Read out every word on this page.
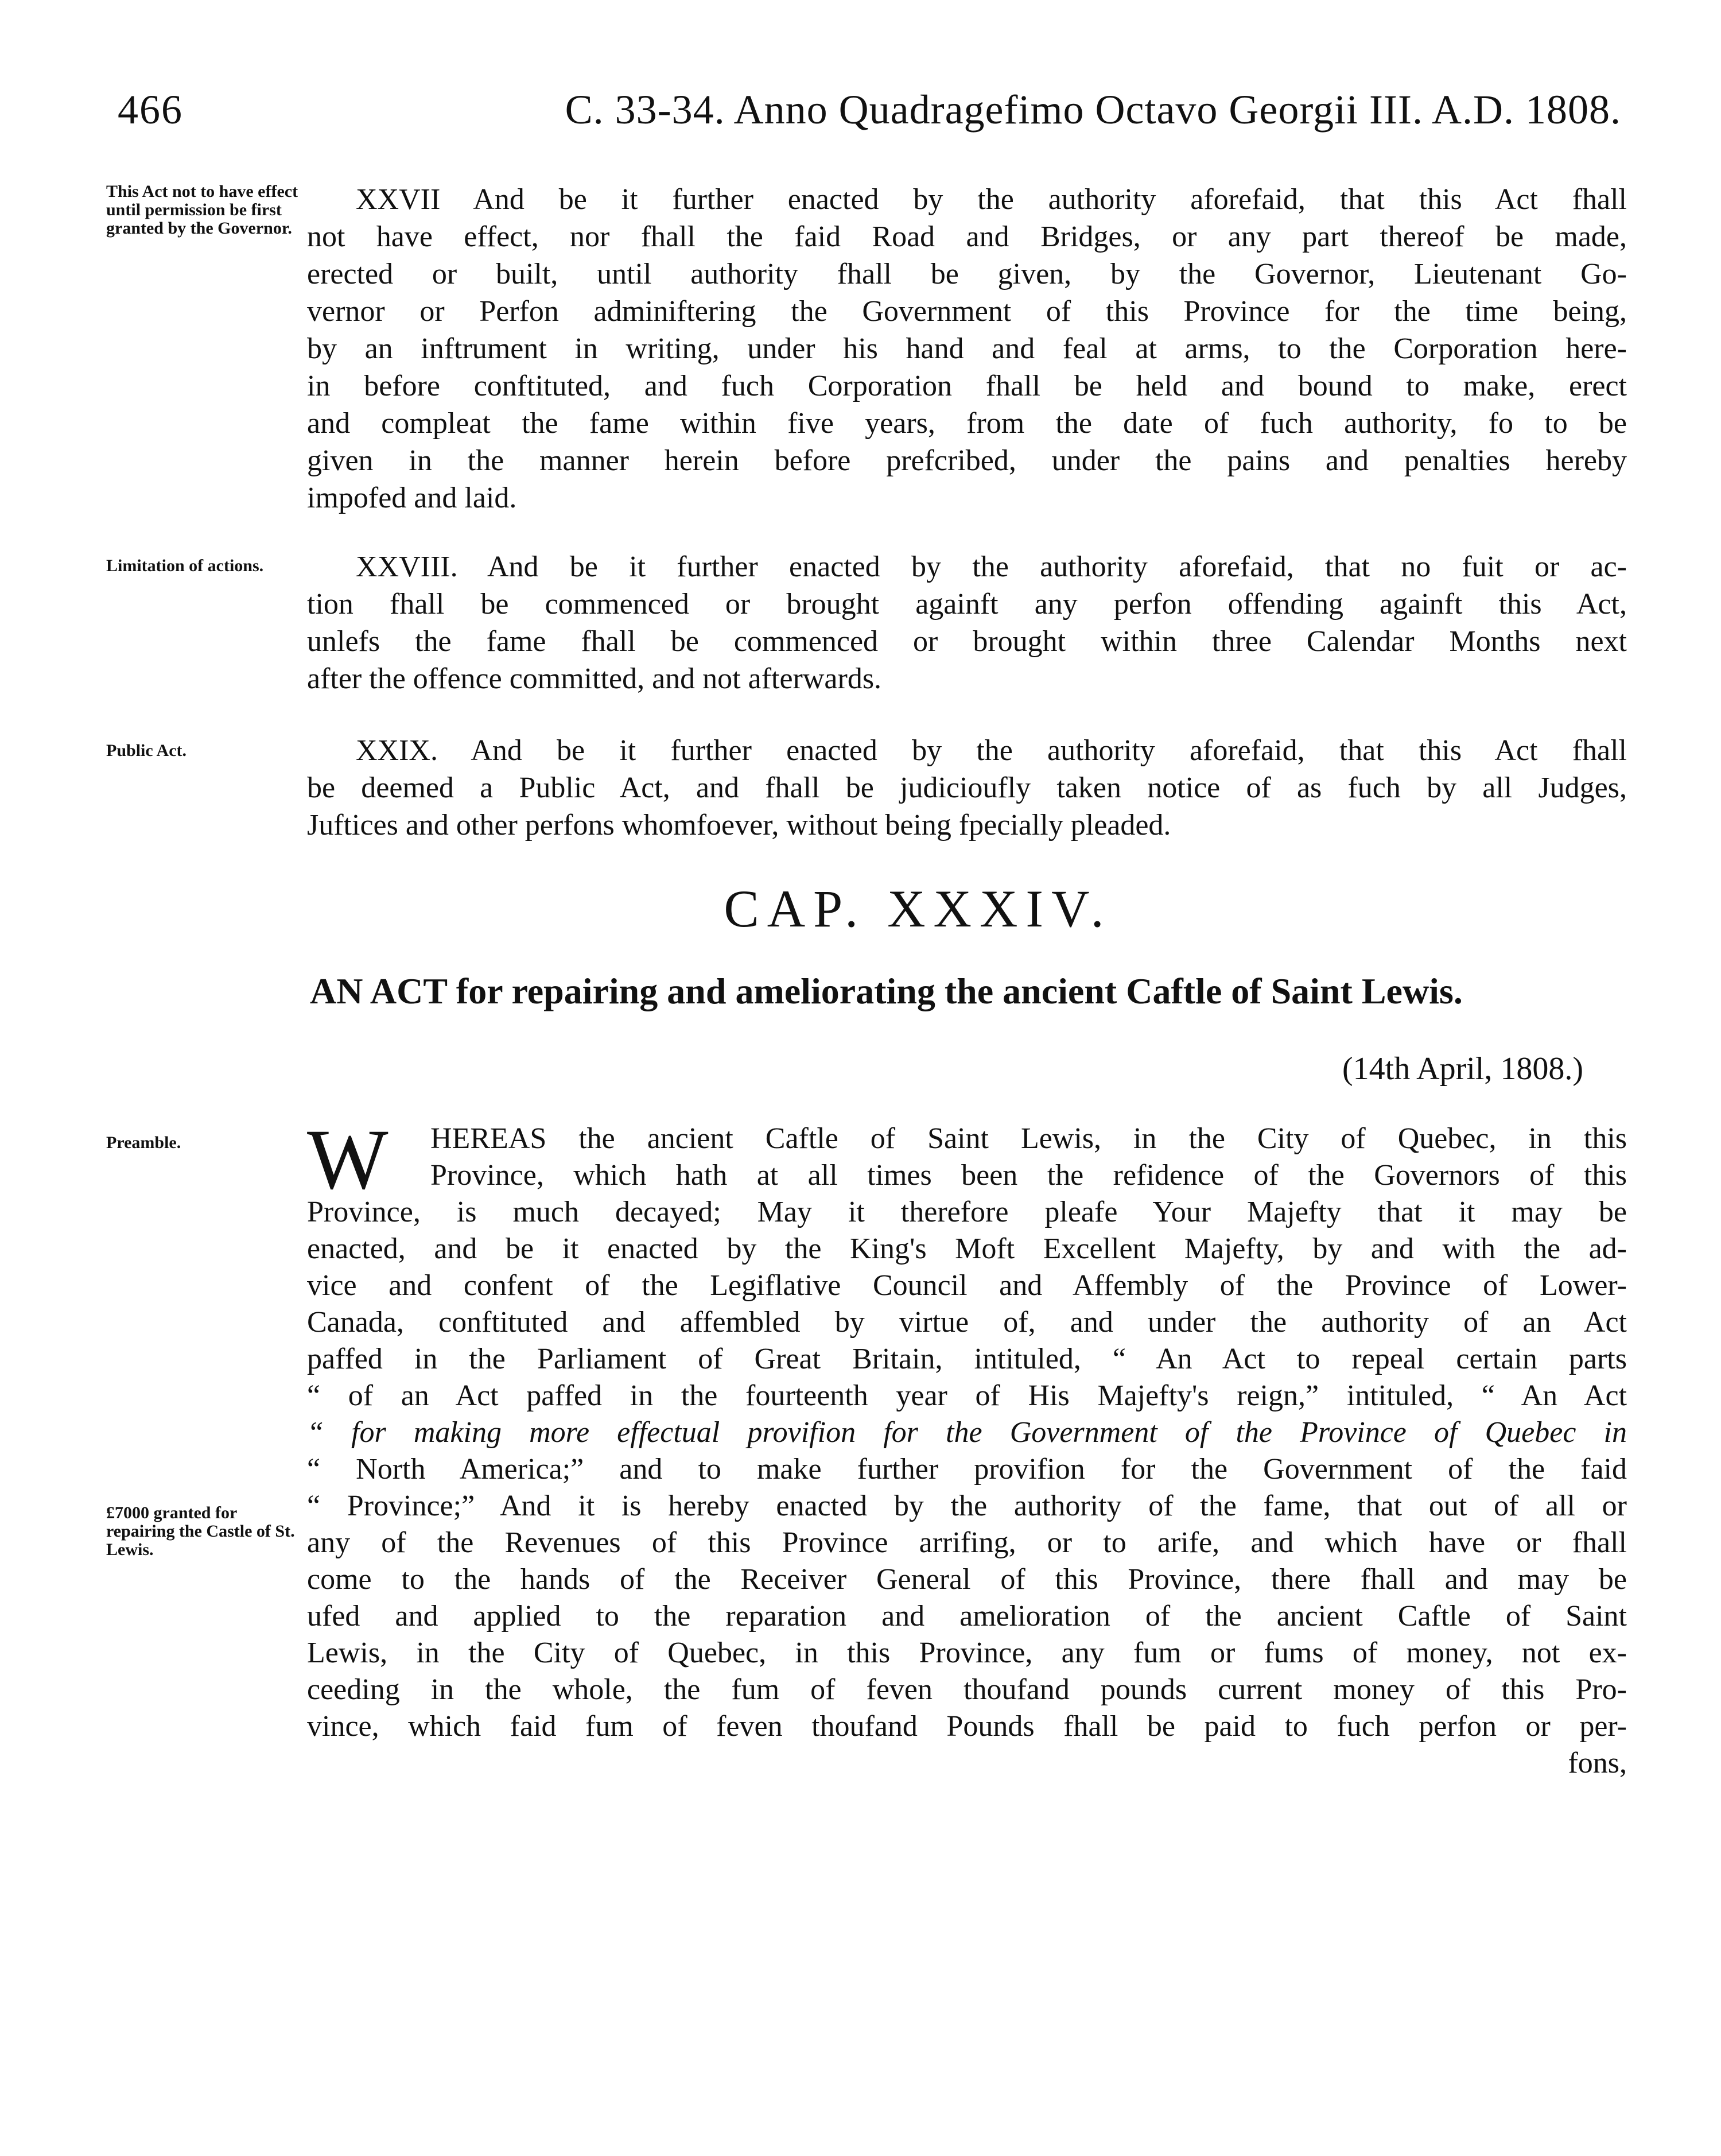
466	C. 33-34. Anno Quadragefimo Octavo Georgii III. A.D. 1808.
This Act not to have effect until permission be first granted by the Governor.
Limitation of actions.
Public Act.
Preamble.
£7000 granted for repairing the Castle of St. Lewis.
XXVII And be it further enacted by the authority aforefaid, that this Act fhall
not have effect, nor fhall the faid Road and Bridges, or any part thereof be made,
erected or built, until authority fhall be given, by the Governor, Lieutenant Go-
vernor or Perfon adminiftering the Government of this Province for the time being,
by an inftrument in writing, under his hand and feal at arms, to the Corporation here-
in before conftituted, and fuch Corporation fhall be held and bound to make, erect
and compleat the fame within five years, from the date of fuch authority, fo to be
given in the manner herein before prefcribed, under the pains and penalties hereby
impofed and laid.
XXVIII. And be it further enacted by the authority aforefaid, that no fuit or ac-
tion fhall be commenced or brought againft any perfon offending againft this Act,
unlefs the fame fhall be commenced or brought within three Calendar Months next
after the offence committed, and not afterwards.
XXIX. And be it further enacted by the authority aforefaid, that this Act fhall
be deemed a Public Act, and fhall be judicioufly taken notice of as fuch by all Judges,
Juftices and other perfons whomfoever, without being fpecially pleaded.
CAP. XXXIV.
AN ACT for repairing and ameliorating the ancient Caftle of Saint Lewis.
(14th April, 1808.)
W	HEREAS the ancient Caftle of Saint Lewis, in the City of Quebec, in this
Province, which hath at all times been the refidence of the Governors of this
Province, is much decayed; May it therefore pleafe Your Majefty that it may be
enacted, and be it enacted by the King's Moft Excellent Majefty, by and with the ad-
vice and confent of the Legiflative Council and Affembly of the Province of Lower-
Canada, conftituted and affembled by virtue of, and under the authority of an Act
paffed in the Parliament of Great Britain, intituled, “ An Act to repeal certain parts
“ of an Act paffed in the fourteenth year of His Majefty's reign,” intituled, “ An Act
“ for making more effectual provifion for the Government of the Province of Quebec in
“ North America;” and to make further provifion for the Government of the faid
“ Province;” And it is hereby enacted by the authority of the fame, that out of all or
any of the Revenues of this Province arrifing, or to arife, and which have or fhall
come to the hands of the Receiver General of this Province, there fhall and may be
ufed and applied to the reparation and amelioration of the ancient Caftle of Saint
Lewis, in the City of Quebec, in this Province, any fum or fums of money, not ex-
ceeding in the whole, the fum of feven thoufand pounds current money of this Pro-
vince, which faid fum of feven thoufand Pounds fhall be paid to fuch perfon or per-
fons,
